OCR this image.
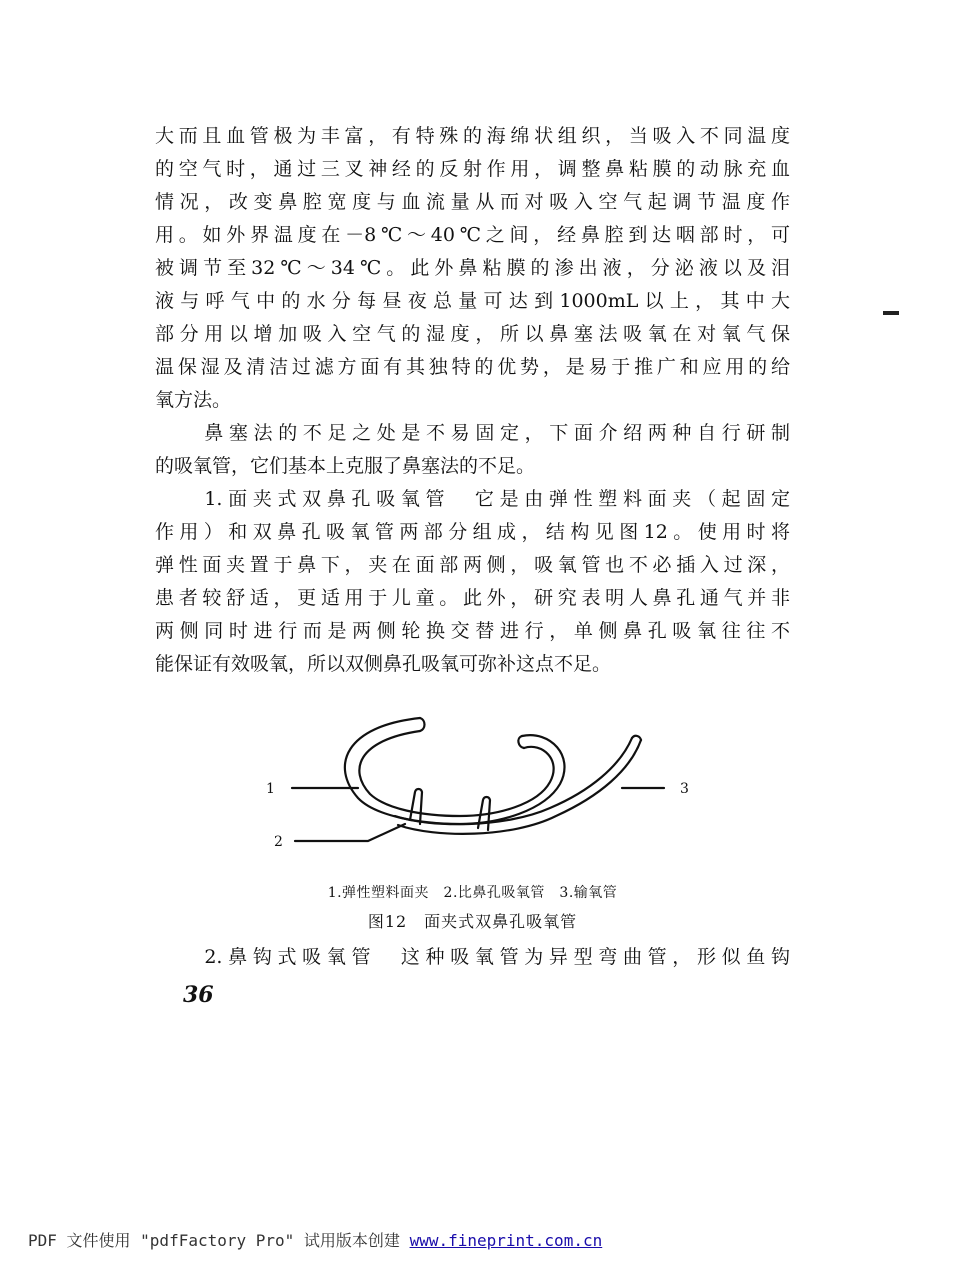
大而且血管极为丰富，有特殊的海绵状组织，当吸入不同温度
的空气时，通过三叉神经的反射作用，调整鼻粘膜的动脉充血
情况，改变鼻腔宽度与血流量从而对吸入空气起调节温度作
用。如外界温度在－8℃～40℃之间，经鼻腔到达咽部时，可
被调节至32℃～34℃。此外鼻粘膜的渗出液，分泌液以及泪
液与呼气中的水分每昼夜总量可达到1000mL以上，其中大
部分用以增加吸入空气的湿度，所以鼻塞法吸氧在对氧气保
温保湿及清洁过滤方面有其独特的优势，是易于推广和应用的给
氧方法。
　　鼻塞法的不足之处是不易固定，下面介绍两种自行研制
的吸氧管，它们基本上克服了鼻塞法的不足。
　　1.面夹式双鼻孔吸氧管　它是由弹性塑料面夹（起固定
作用）和双鼻孔吸氧管两部分组成，结构见图12。使用时将
弹性面夹置于鼻下，夹在面部两侧，吸氧管也不必插入过深，
患者较舒适，更适用于儿童。此外，研究表明人鼻孔通气并非
两侧同时进行而是两侧轮换交替进行，单侧鼻孔吸氧往往不
能保证有效吸氧，所以双侧鼻孔吸氧可弥补这点不足。
1
2
3
1.弹性塑料面夹　2.比鼻孔吸氧管　3.输氧管
图12　面夹式双鼻孔吸氧管
　　2.鼻钩式吸氧管　这种吸氧管为异型弯曲管，形似鱼钩
36
PDF 文件使用 "pdfFactory Pro" 试用版本创建 www.fineprint.com.cn
